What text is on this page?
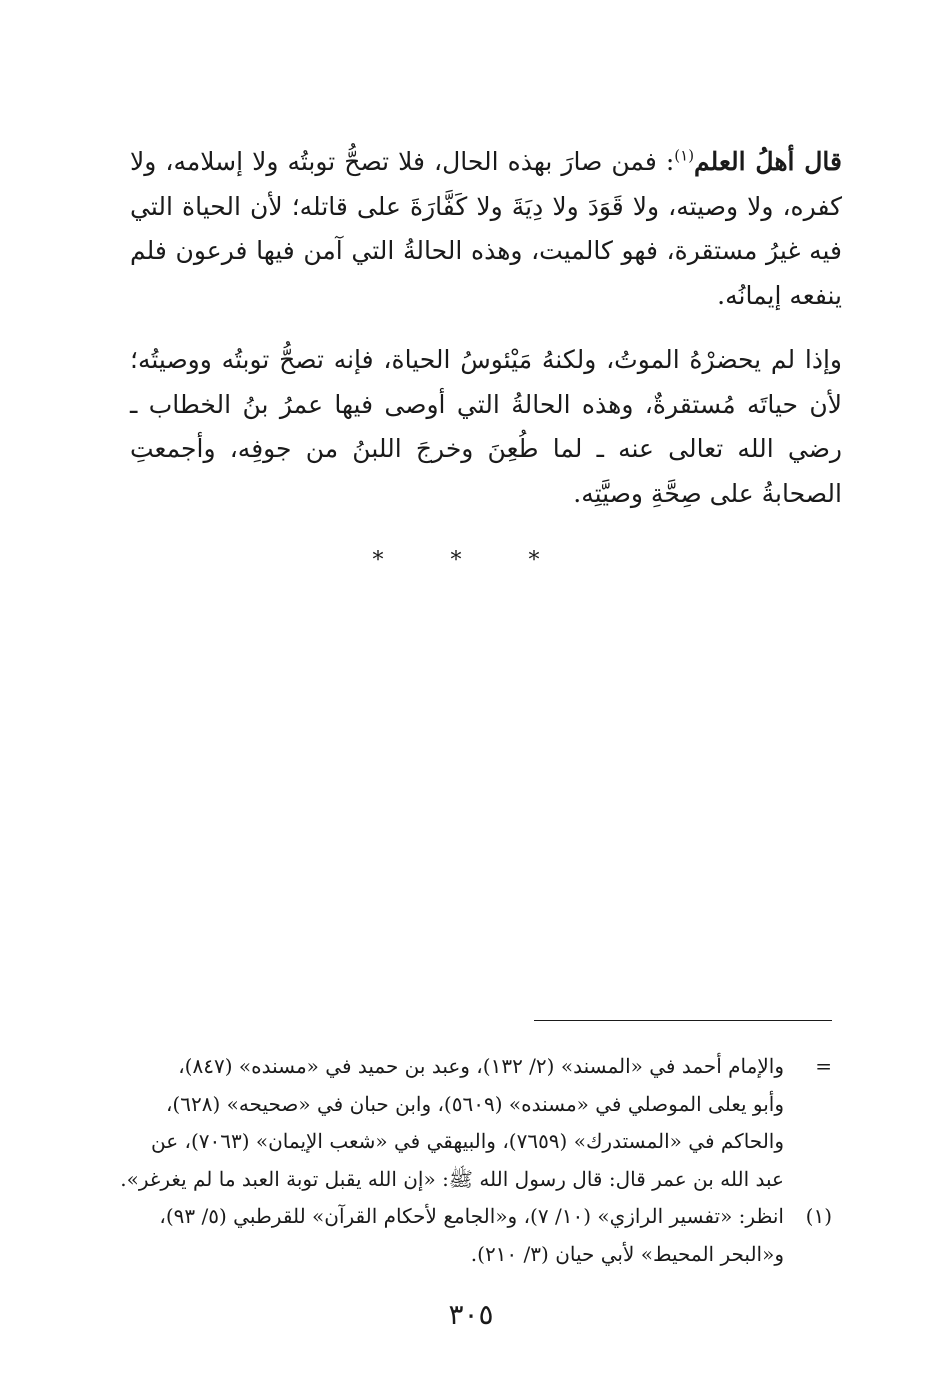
قال أهلُ العلم$^{(١)}$: فمن صارَ بهذه الحال، فلا تصحُّ توبتُه ولا إسلامه، ولا كفره، ولا وصيته، ولا قَوَدَ ولا دِيَةَ ولا كَفَّارَةَ على قاتله؛ لأن الحياة التي فيه غيرُ مستقرة، فهو كالميت، وهذه الحالةُ التي آمن فيها فرعون فلم ينفعه إيمانُه.

وإذا لم يحضرْهُ الموتُ، ولكنهُ مَيْئوسُ الحياة، فإنه تصحُّ توبتُه ووصيتُه؛ لأن حياتَه مُستقرةٌ، وهذه الحالةُ التي أوصى فيها عمرُ بنُ الخطاب ـ رضي الله تعالى عنه ـ لما طُعِنَ وخرجَ اللبنُ من جوفِه، وأجمعتِ الصحابةُ على صِحَّةِ وصيَّتِه.

* * *
=
والإمام أحمد في «المسند» (٢/ ١٣٢)، وعبد بن حميد في «مسنده» (٨٤٧)،
وأبو يعلى الموصلي في «مسنده» (٥٦٠٩)، وابن حبان في «صحيحه» (٦٢٨)،
والحاكم في «المستدرك» (٧٦٥٩)، والبيهقي في «شعب الإيمان» (٧٠٦٣)، عن
عبد الله بن عمر قال: قال رسول الله ﷺ: «إن الله يقبل توبة العبد ما لم يغرغر».
(١)
انظر: «تفسير الرازي» (١٠/ ٧)، و«الجامع لأحكام القرآن» للقرطبي (٥/ ٩٣)،
و«البحر المحيط» لأبي حيان (٣/ ٢١٠).
٣٠٥
